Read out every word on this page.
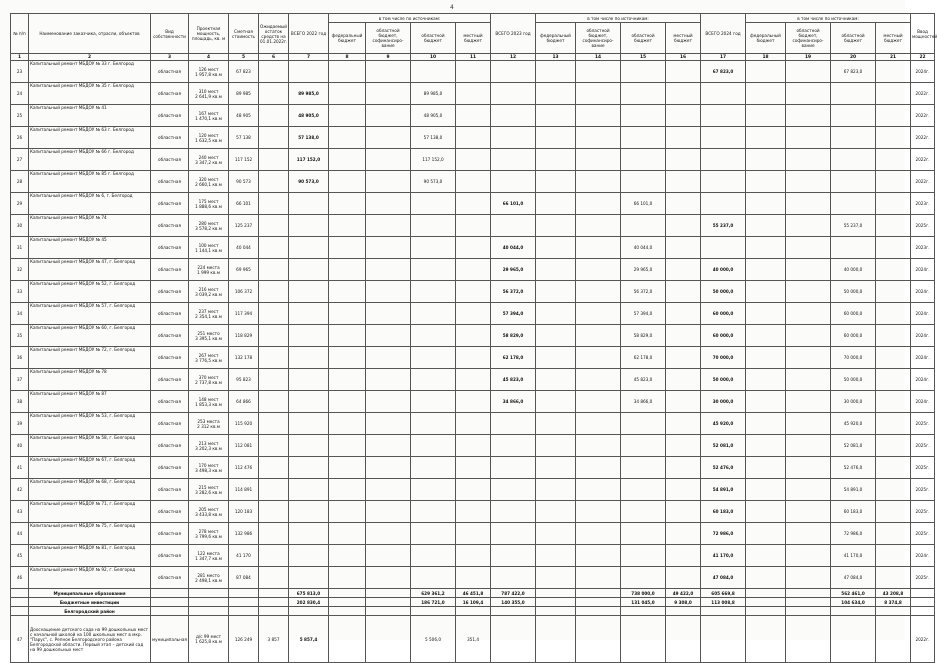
4
№ п/п	Наименование заказчика, отрасли, объектов	Вид собственности	Проектная мощность, площадь, кв. м	Сметная стоимость	Ожидаемый остаток средств на 01.01.2022г.	ВСЕГО 2022 год	в том числе по источникам:				ВСЕГО 2023 год	в том числе по источникам:				ВСЕГО 2024 год	в том числе по источникам:				Ввод мощностей
							федеральный бюджет	областной бюджет, софинансиро-вание	областной бюджет	местный бюджет		федеральный бюджет	областной бюджет, софинансиро-вание	областной бюджет	местный бюджет		федеральный бюджет	областной бюджет, софинансиро-вание	областной бюджет	местный бюджет	
1	2	3	4	5	6	7	8	9	10	11	12	13	14	15	16	17	18	19	20	21	22
23	Капитальный ремонт МБДОУ № 33 г. Белгород	областная	126 мест
1 957,8 кв.м	67 823												67 823,0			67 823,0		2024г.
24	Капитальный ремонт МБДОУ № 35 г. Белгород	областная	310 мест
2 641,9 кв.м	89 985		89 985,0			89 985,0												2022г.
25	Капитальный ремонт МБДОУ № 41	областная	167 мест
1 470,1 кв.м	48 905		48 905,0			48 905,0												2022г.
26	Капитальный ремонт МБДОУ № 63 г. Белгород	областная	120 мест
1 632,5 кв.м	57 138		57 138,0			57 138,0												2022г.
27	Капитальный ремонт МБДОУ № 66 г. Белгород	областная	240 мест
3 347,2 кв.м	117 152		117 152,0			117 152,0												2022г.
28	Капитальный ремонт МБДОУ № 85 г. Белгород	областная	320 мест
2 660,1 кв.м	90 573		90 573,0			90 573,0												2022г.
29	Капитальный ремонт МБДОУ № 6, г. Белгород	областная	175 мест
1 888,6 кв.м	66 101							66 101,0			66 101,0							2023г.
30	Капитальный ремонт МБДОУ № 74	областная	280 мест
3 578,2 кв.м	125 237												55 237,0			55 237,0		2025г.
31	Капитальный ремонт МБДОУ № 45	областная	100 мест
1 144,1 кв.м	40 044							40 044,0			40 044,0							2023г.
32	Капитальный ремонт МБДОУ № 47, г. Белгород	областная	224 места
1 999 кв.м	69 965							29 965,0			29 965,0		40 000,0			40 000,0		2024г.
33	Капитальный ремонт МБДОУ № 52, г. Белгород	областная	216 мест
3 039,2 кв.м	106 372							56 372,0			56 372,0		50 000,0			50 000,0		2024г.
34	Капитальный ремонт МБДОУ № 57, г. Белгород	областная	237 мест
2 354,1 кв.м	117 394							57 394,0			57 394,0		60 000,0			60 000,0		2024г.
35	Капитальный ремонт МБДОУ № 60, г. Белгород	областная	251 место
3 395,1 кв.м	118 829							58 829,0			58 829,0		60 000,0			60 000,0		2024г.
36	Капитальный ремонт МБДОУ № 72, г. Белгород	областная	267 мест
3 776,5 кв.м	132 178							62 178,0			62 178,0		70 000,0			70 000,0		2024г.
37	Капитальный ремонт МБДОУ № 78	областная	370 мест
2 737,8 кв.м	95 823							45 823,0			45 823,0		50 000,0			50 000,0		2024г.
38	Капитальный ремонт МБДОУ № 87	областная	148 мест
1 853,3 кв.м	64 866							34 866,0			34 866,0		30 000,0			30 000,0		2024г.
39	Капитальный ремонт МБДОУ № 53, г. Белгород	областная	253 места
2 312 кв.м	115 920												45 920,0			45 920,0		2025г.
40	Капитальный ремонт МБДОУ № 58, г. Белгород	областная	213 мест
3 202,3 кв.м	112 081												52 081,0			52 081,0		2025г.
41	Капитальный ремонт МБДОУ № 67, г. Белгород	областная	170 мест
3 498,3 кв.м	112 476												52 476,0			52 476,0		2025г.
42	Капитальный ремонт МБДОУ № 68, г. Белгород	областная	215 мест
3 282,6 кв.м	114 891												54 891,0			54 891,0		2025г.
43	Капитальный ремонт МБДОУ № 71, г. Белгород	областная	205 мест
3 433,8 кв.м	120 183												60 183,0			60 183,0		2025г.
44	Капитальный ремонт МБДОУ № 75, г. Белгород	областная	278 мест
3 799,6 кв.м	132 986												72 986,0			72 986,0		2025г.
45	Капитальный ремонт МБДОУ № 81, г. Белгород	областная	122 места
1 347,7 кв.м	41 170												41 170,0			41 170,0		2024г.
46	Капитальный ремонт МБДОУ № 92, г. Белгород	областная	281 место
2 498,1 кв.м	87 084												47 084,0			47 084,0		2025г.
	Муниципальные образования					675 813,0			629 361,2	46 451,8	787 422,0			738 000,0	49 422,0	605 669,8			562 461,0	43 208,8	
	Бюджетные инвестиции					202 830,4			186 721,0	16 109,4	140 355,0			131 045,0	9 308,0	113 008,8			104 634,0	8 374,8	
	Белгородский район																				
47	Дооснащение детского сада на 99 дошкольных мест с начальной школой на 100 школьных мест в мкр. "Парус", с. Репное Белгородского района Белгородской области. Первый этап – детский сад на 99 дошкольных мест	муниципальная	д/с 99 мест
1 625,8 кв.м	126 249	3 857	5 857,4			5 506,0	351,4											2022г.
